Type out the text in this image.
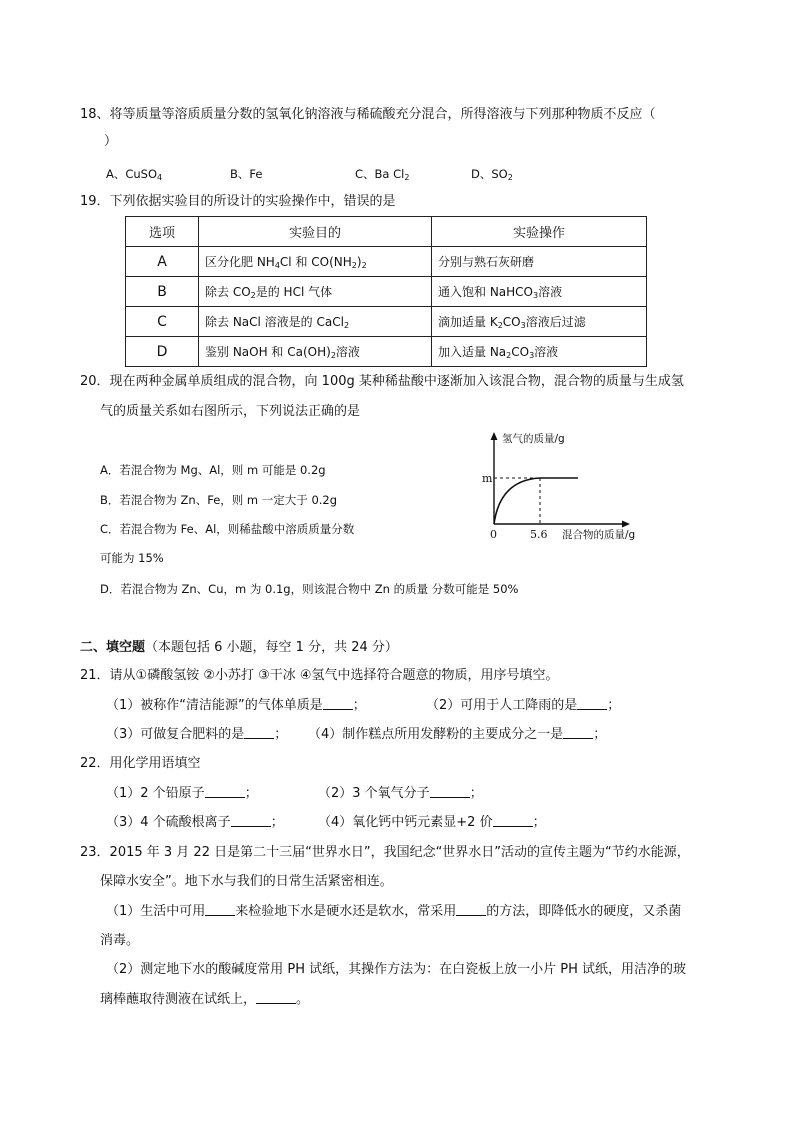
18、将等质量等溶质质量分数的氢氧化钠溶液与稀硫酸充分混合，所得溶液与下列那种物质不反应（
）
A、CuSO$_4$	B、Fe	C、Ba $Cl_2$	D、$SO_2$
19．下列依据实验目的所设计的实验操作中，错误的是
选项	实验目的	实验操作
A	区分化肥 $NH_4Cl$ 和 $CO(NH_2)_2$	分别与熟石灰研磨
B	除去 $CO_2$是的 HCl 气体	通入饱和 NaHCO$_3$溶液
C	除去 NaCl 溶液是的 CaCl$_2$	滴加适量 $K_2CO_3$溶液后过滤
D	鉴别 NaOH 和 $Ca(OH)_2$溶液	加入适量 $Na_2CO_3$溶液
20．现在两种金属单质组成的混合物，向 100g 某种稀盐酸中逐渐加入该混合物，混合物的质量与生成氢
气的质量关系如右图所示，下列说法正确的是
A．若混合物为 Mg、Al，则 m 可能是 0.2g
B．若混合物为 Zn、Fe，则 m 一定大于 0.2g
C．若混合物为 Fe、Al，则稀盐酸中溶质质量分数
可能为 15%
D．若混合物为 Zn、Cu，m 为 0.1g，则该混合物中 Zn 的质量 分数可能是 50%
氢气的质量/g
m
0	5.6 混合物的质量/g
二、填空题（本题包括 6 小题，每空 1 分，共 24 分）
21．请从①磷酸氢铵 ②小苏打 ③干冰 ④氢气中选择符合题意的物质，用序号填空。
（1）被称作“清洁能源”的气体单质是 ；	（2）可用于人工降雨的是 ；
（3）可做复合肥料的是 ； （4）制作糕点所用发酵粉的主要成分之一是 ；
22．用化学用语填空
（1）2 个铅原子	；	（2）3 个氧气分子	；
（3）4 个硫酸根离子	；	（4）氧化钙中钙元素显+2 价	；
23．2015 年 3 月 22 日是第二十三届“世界水日”，我国纪念“世界水日”活动的宣传主题为“节约水能源，
保障水安全”。地下水与我们的日常生活紧密相连。
（1）生活中可用 来检验地下水是硬水还是软水，常采用 的方法，即降低水的硬度，又杀菌
消毒。
（2）测定地下水的酸碱度常用 PH 试纸，其操作方法为：在白瓷板上放一小片 PH 试纸，用洁净的玻
璃棒蘸取待测液在试纸上，	。
